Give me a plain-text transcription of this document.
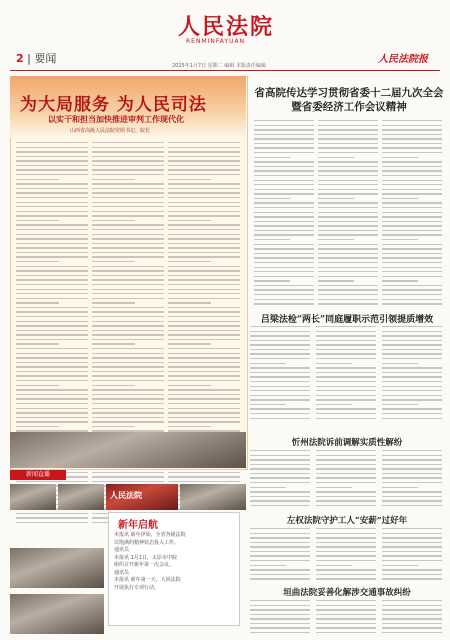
人民法院
RENMINFAYUAN
2 | 要闻
2025年1月7日 星期二 编辑 本版责任编辑
人民法院报
为大局服务 为人民司法
以实干和担当加快推进审判工作现代化
山西省高级人民法院党组书记、院长
省高院传达学习贯彻省委十二届九次全会
暨省委经济工作会议精神
吕梁法检“两长”同庭履职示范引领提质增效
新闻直播
人民法院
新年启航
本报讯 新年伊始，全省各级法院
以饱满的精神状态投入工作。
通讯员
本报讯 1月1日，太原市中院
组织召开新年第一次会议。
通讯员
本报讯 新年第一天，大同法院
开展执行专项行动。
忻州法院诉前调解实质性解纷
左权法院守护工人“安薪”过好年
垣曲法院妥善化解涉交通事故纠纷
